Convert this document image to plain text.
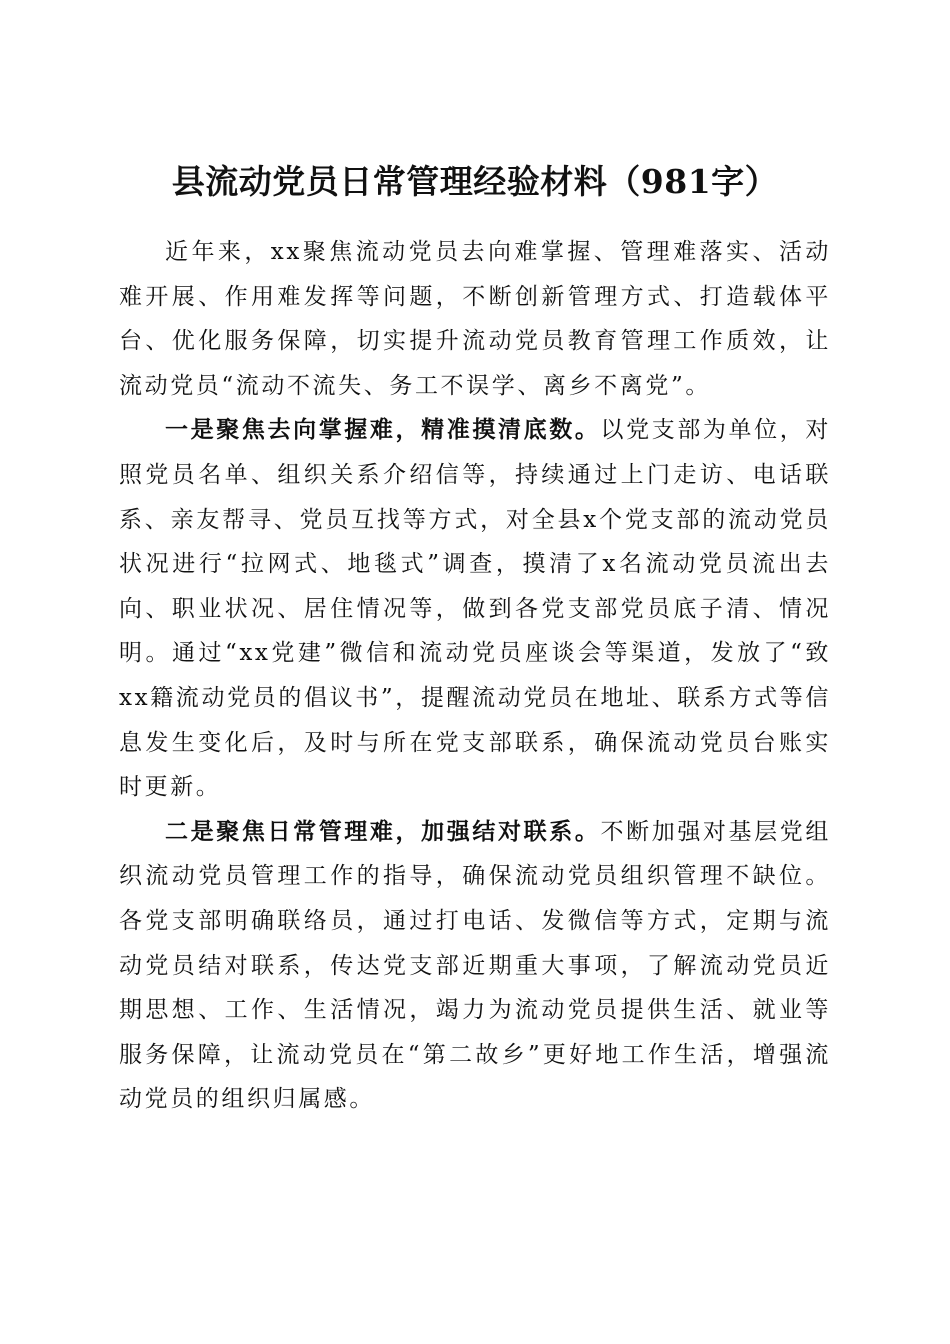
县流动党员日常管理经验材料（981字）

近年来，xx聚焦流动党员去向难掌握、管理难落实、活动难开展、作用难发挥等问题，不断创新管理方式、打造载体平台、优化服务保障，切实提升流动党员教育管理工作质效，让流动党员“流动不流失、务工不误学、离乡不离党”。

一是聚焦去向掌握难，精准摸清底数。以党支部为单位，对照党员名单、组织关系介绍信等，持续通过上门走访、电话联系、亲友帮寻、党员互找等方式，对全县x个党支部的流动党员状况进行“拉网式、地毯式”调查，摸清了x名流动党员流出去向、职业状况、居住情况等，做到各党支部党员底子清、情况明。通过“xx党建”微信和流动党员座谈会等渠道，发放了“致xx籍流动党员的倡议书”，提醒流动党员在地址、联系方式等信息发生变化后，及时与所在党支部联系，确保流动党员台账实时更新。

二是聚焦日常管理难，加强结对联系。不断加强对基层党组织流动党员管理工作的指导，确保流动党员组织管理不缺位。各党支部明确联络员，通过打电话、发微信等方式，定期与流动党员结对联系，传达党支部近期重大事项，了解流动党员近期思想、工作、生活情况，竭力为流动党员提供生活、就业等服务保障，让流动党员在“第二故乡”更好地工作生活，增强流动党员的组织归属感。
